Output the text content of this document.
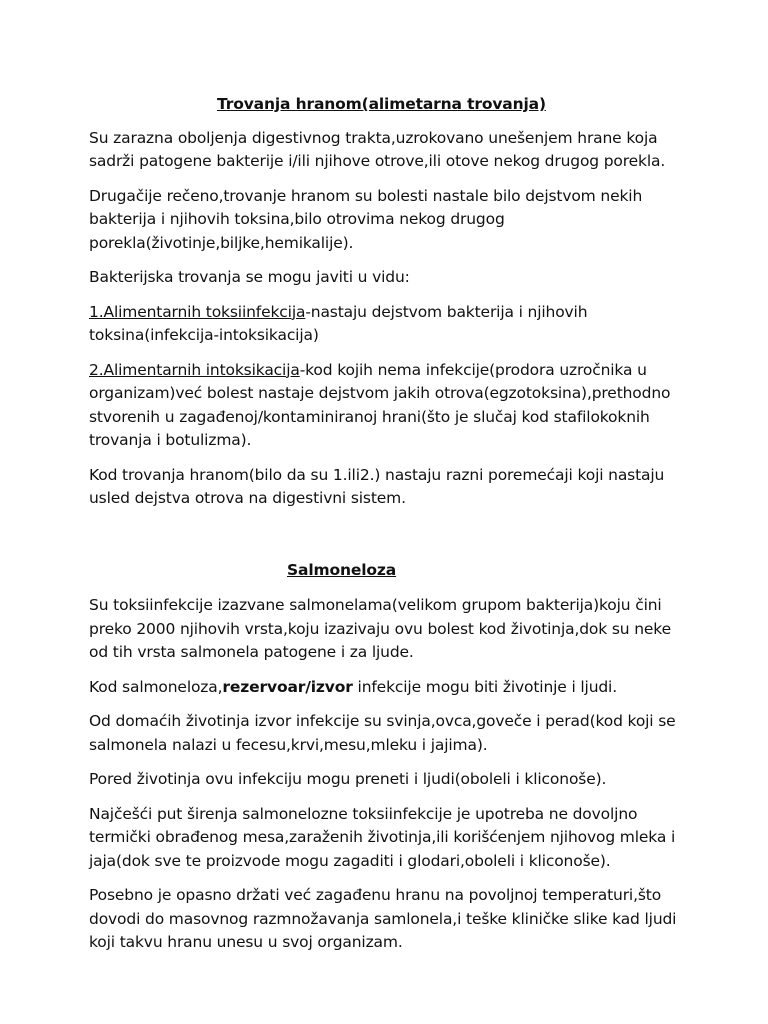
Trovanja hranom(alimetarna trovanja)

Su zarazna oboljenja digestivnog trakta,uzrokovano unešenjem hrane koja sadrži patogene bakterije i/ili njihove otrove,ili otove nekog drugog porekla.

Drugačije rečeno,trovanje hranom su bolesti nastale bilo dejstvom nekih bakterija i njihovih toksina,bilo otrovima nekog drugog porekla(životinje,biljke,hemikalije).

Bakterijska trovanja se mogu javiti u vidu:

1.Alimentarnih toksiinfekcija-nastaju dejstvom bakterija i njihovih toksina(infekcija-intoksikacija)

2.Alimentarnih intoksikacija-kod kojih nema infekcije(prodora uzročnika u organizam)već bolest nastaje dejstvom jakih otrova(egzotoksina),prethodno stvorenih u zagađenoj/kontaminiranoj hrani(što je slučaj kod stafilokoknih trovanja i botulizma).

Kod trovanja hranom(bilo da su 1.ili2.) nastaju razni poremećaji koji nastaju usled dejstva otrova na digestivni sistem.

Salmoneloza

Su toksiinfekcije izazvane salmonelama(velikom grupom bakterija)koju čini preko 2000 njihovih vrsta,koju izazivaju ovu bolest kod životinja,dok su neke od tih vrsta salmonela patogene i za ljude.

Kod salmoneloza,rezervoar/izvor infekcije mogu biti životinje i ljudi.

Od domaćih životinja izvor infekcije su svinja,ovca,goveče i perad(kod koji se salmonela nalazi u fecesu,krvi,mesu,mleku i jajima).

Pored životinja ovu infekciju mogu preneti i ljudi(oboleli i kliconoše).

Najčešći put širenja salmonelozne toksiinfekcije je upotreba ne dovoljno termički obrađenog mesa,zaraženih životinja,ili korišćenjem njihovog mleka i jaja(dok sve te proizvode mogu zagaditi i glodari,oboleli i kliconoše).

Posebno je opasno držati već zagađenu hranu na povoljnoj temperaturi,što dovodi do masovnog razmnožavanja samlonela,i teške kliničke slike kad ljudi koji takvu hranu unesu u svoj organizam.
